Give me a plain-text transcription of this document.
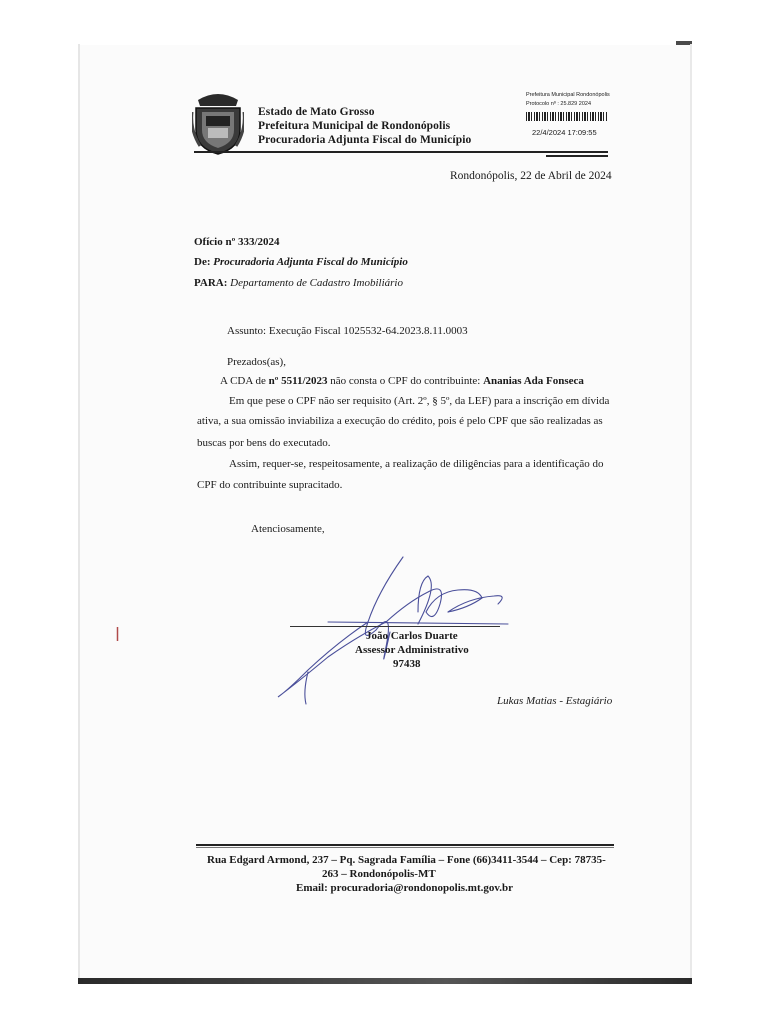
Estado de Mato Grosso
Prefeitura Municipal de Rondonópolis
Procuradoria Adjunta Fiscal do Município
Prefeitura Municipal Rondonópolis
Protocolo nº : 25.829 2024
22/4/2024 17:09:55
Rondonópolis, 22 de Abril de 2024
Ofício nº 333/2024
De: Procuradoria Adjunta Fiscal do Município
PARA: Departamento de Cadastro Imobiliário
Assunto: Execução Fiscal 1025532-64.2023.8.11.0003
Prezados(as),
A CDA de nº 5511/2023 não consta o CPF do contribuinte: Ananias Ada Fonseca
Em que pese o CPF não ser requisito (Art. 2º, § 5º, da LEF) para a inscrição em dívida
ativa, a sua omissão inviabiliza a execução do crédito, pois é pelo CPF que são realizadas as
buscas por bens do executado.
Assim, requer-se, respeitosamente, a realização de diligências para a identificação do
CPF do contribuinte supracitado.
Atenciosamente,
João Carlos Duarte
Assessor Administrativo
97438
Lukas Matias - Estagiário
Rua Edgard Armond, 237 – Pq. Sagrada Família – Fone (66)3411-3544 – Cep: 78735-
263 – Rondonópolis-MT
Email: procuradoria@rondonopolis.mt.gov.br
